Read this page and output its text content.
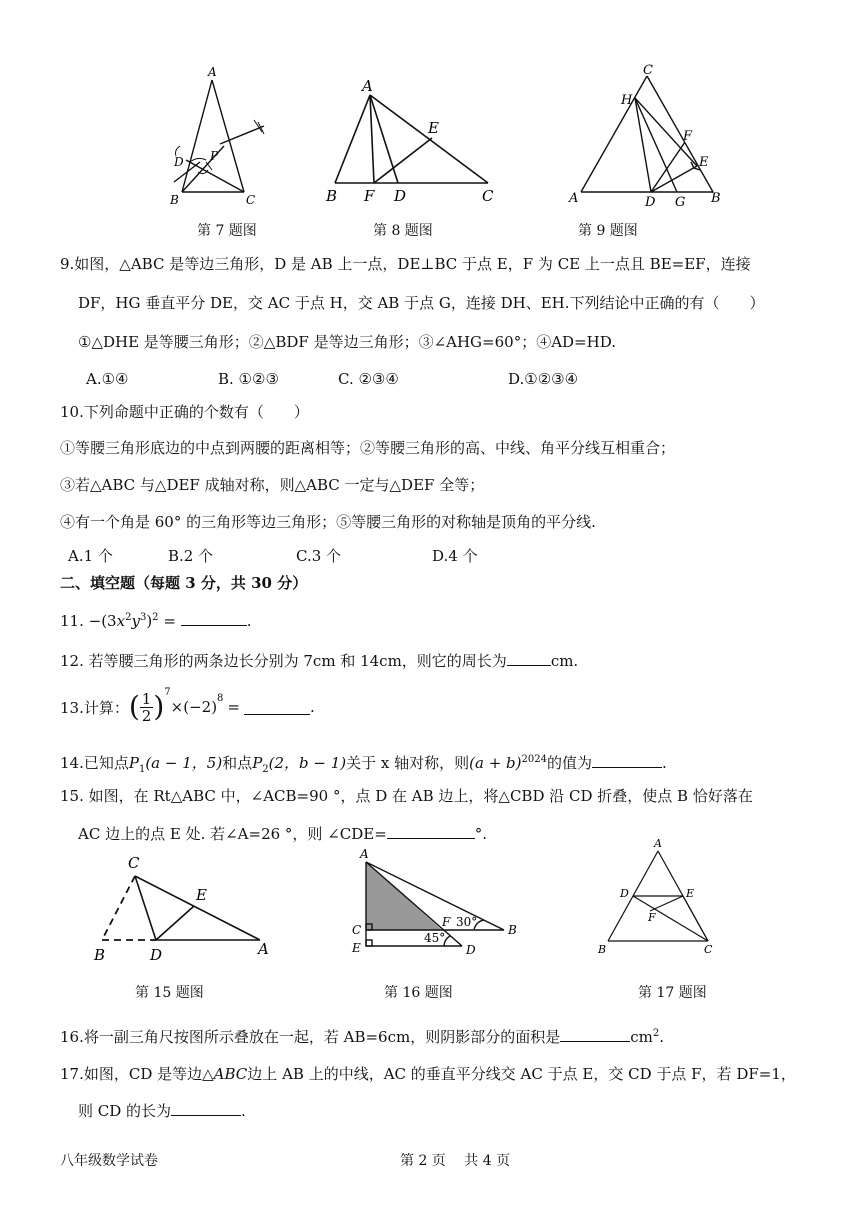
A
D P
B	C
第 7 题图
A
E
B F D	C
第 8 题图
C
H
F
E
A	D G B
第 9 题图
9.如图，△ABC 是等边三角形，D 是 AB 上一点，DE⊥BC 于点 E，F 为 CE 上一点且 BE=EF，连接
DF，HG 垂直平分 DE，交 AC 于点 H，交 AB 于点 G，连接 DH、EH.下列结论中正确的有（　　）
①△DHE 是等腰三角形；②△BDF 是等边三角形；③∠AHG=60°；④AD=HD.
A.①④	B. ①②③	C. ②③④	D.①②③④
10.下列命题中正确的个数有（　　）
①等腰三角形底边的中点到两腰的距离相等；②等腰三角形的高、中线、角平分线互相重合；
③若△ABC 与△DEF 成轴对称，则△ABC 一定与△DEF 全等；
④有一个角是 60° 的三角形等边三角形；⑤等腰三角形的对称轴是顶角的平分线.
A.1 个	B.2 个	C.3 个	D.4 个
二、填空题（每题 3 分，共 30 分）
11. $-(3x^2y^3)^2$ =	.
12. 若等腰三角形的两条边长分别为 7cm 和 14cm，则它的周长为	cm.
13.计算： ( $\frac{1}{2} )^7$
$\times(-2)^8$ =	.
14.已知点$P_1(a - 1$，5)和点$P_2(2$，b − 1)关于 x 轴对称，则$(a + b)^{2024}$的值为	.
15. 如图，在 Rt△ABC 中，∠ACB=90 °，点 D 在 AB 边上，将△CBD 沿 CD 折叠，使点 B 恰好落在
AC 边上的点 E 处. 若∠A=26 °，则 ∠CDE=	°.
C
E
B	D	A
第 15 题图
A
F 30°
B
C
45°
E	D
第 16 题图
A
D	E
F
B	C
第 17 题图
16.将一副三角尺按图所示叠放在一起，若 AB=6cm，则阴影部分的面积是	$cm^2$.
17.如图，CD 是等边△ABC边上 AB 上的中线，AC 的垂直平分线交 AC 于点 E，交 CD 于点 F，若 DF=1，
则 CD 的长为	.
八年级数学试卷	第 2 页　 共 4 页
